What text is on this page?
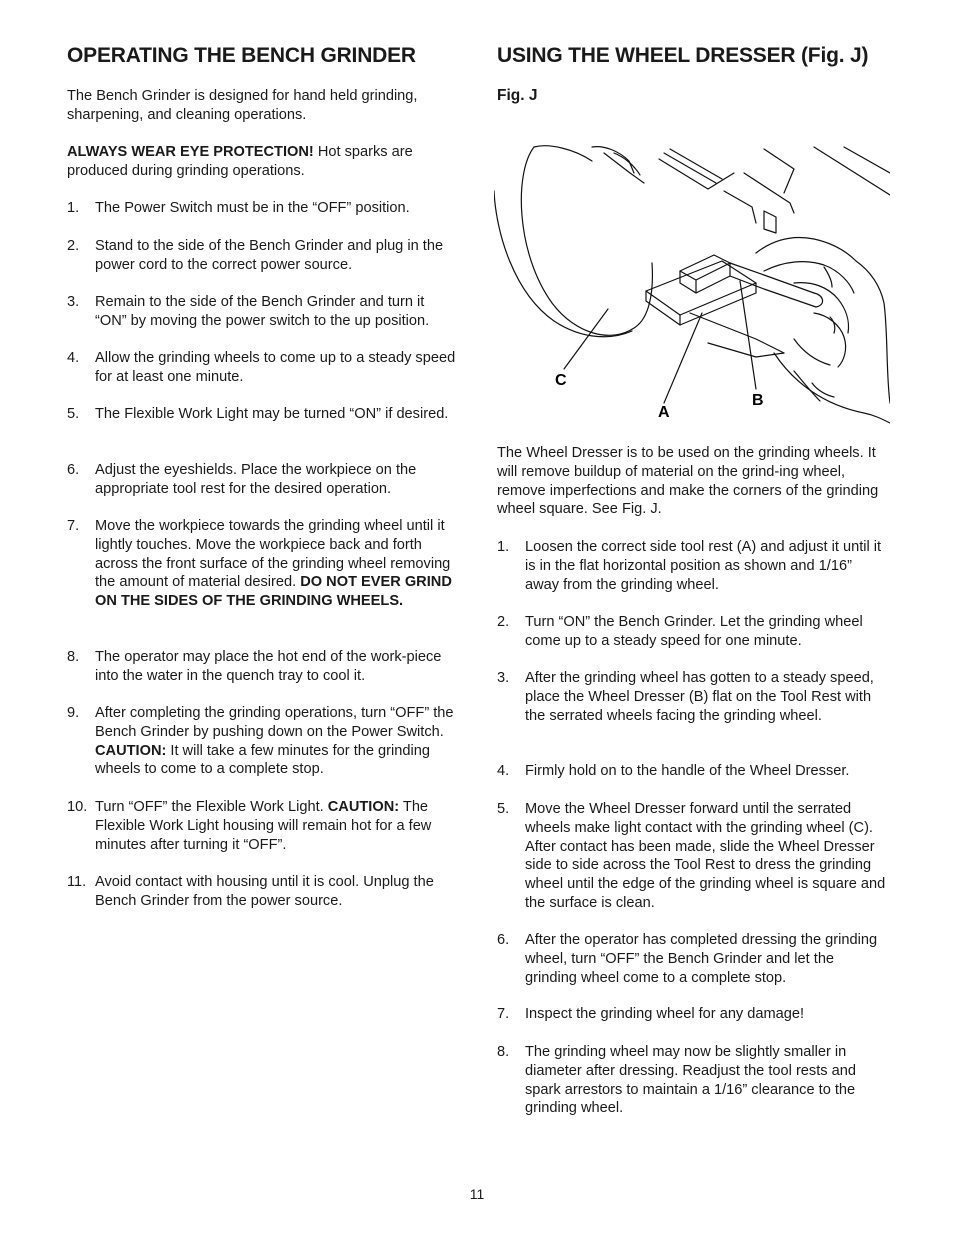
OPERATING THE BENCH GRINDER

The Bench Grinder is designed for hand held grinding, sharpening, and cleaning operations.

ALWAYS WEAR EYE PROTECTION! Hot sparks are produced during grinding operations.

1. The Power Switch must be in the “OFF” position.
2. Stand to the side of the Bench Grinder and plug in the power cord to the correct power source.
3. Remain to the side of the Bench Grinder and turn it “ON” by moving the power switch to the up position.
4. Allow the grinding wheels to come up to a steady speed for at least one minute.
5. The Flexible Work Light may be turned “ON” if desired.
6. Adjust the eyeshields. Place the workpiece on the appropriate tool rest for the desired operation.
7. Move the workpiece towards the grinding wheel until it lightly touches. Move the workpiece back and forth across the front surface of the grinding wheel removing the amount of material desired. DO NOT EVER GRIND ON THE SIDES OF THE GRINDING WHEELS.
8. The operator may place the hot end of the work-piece into the water in the quench tray to cool it.
9. After completing the grinding operations, turn “OFF” the Bench Grinder by pushing down on the Power Switch. CAUTION: It will take a few minutes for the grinding wheels to come to a complete stop.
10. Turn “OFF” the Flexible Work Light. CAUTION: The Flexible Work Light housing will remain hot for a few minutes after turning it “OFF”.
11. Avoid contact with housing until it is cool. Unplug the Bench Grinder from the power source.
USING THE WHEEL DRESSER (Fig. J)
Fig. J

The Wheel Dresser is to be used on the grinding wheels. It will remove buildup of material on the grind-ing wheel, remove imperfections and make the corners of the grinding wheel square. See Fig. J.

1. Loosen the correct side tool rest (A) and adjust it until it is in the flat horizontal position as shown and 1/16” away from the grinding wheel.
2. Turn “ON” the Bench Grinder. Let the grinding wheel come up to a steady speed for one minute.
3. After the grinding wheel has gotten to a steady speed, place the Wheel Dresser (B) flat on the Tool Rest with the serrated wheels facing the grinding wheel.
4. Firmly hold on to the handle of the Wheel Dresser.
5. Move the Wheel Dresser forward until the serrated wheels make light contact with the grinding wheel (C). After contact has been made, slide the Wheel Dresser side to side across the Tool Rest to dress the grinding wheel until the edge of the grinding wheel is square and the surface is clean.
6. After the operator has completed dressing the grinding wheel, turn “OFF” the Bench Grinder and let the grinding wheel come to a complete stop.
7. Inspect the grinding wheel for any damage!
8. The grinding wheel may now be slightly smaller in diameter after dressing. Readjust the tool rests and spark arrestors to maintain a 1/16” clearance to the grinding wheel.
C
A
B
11
